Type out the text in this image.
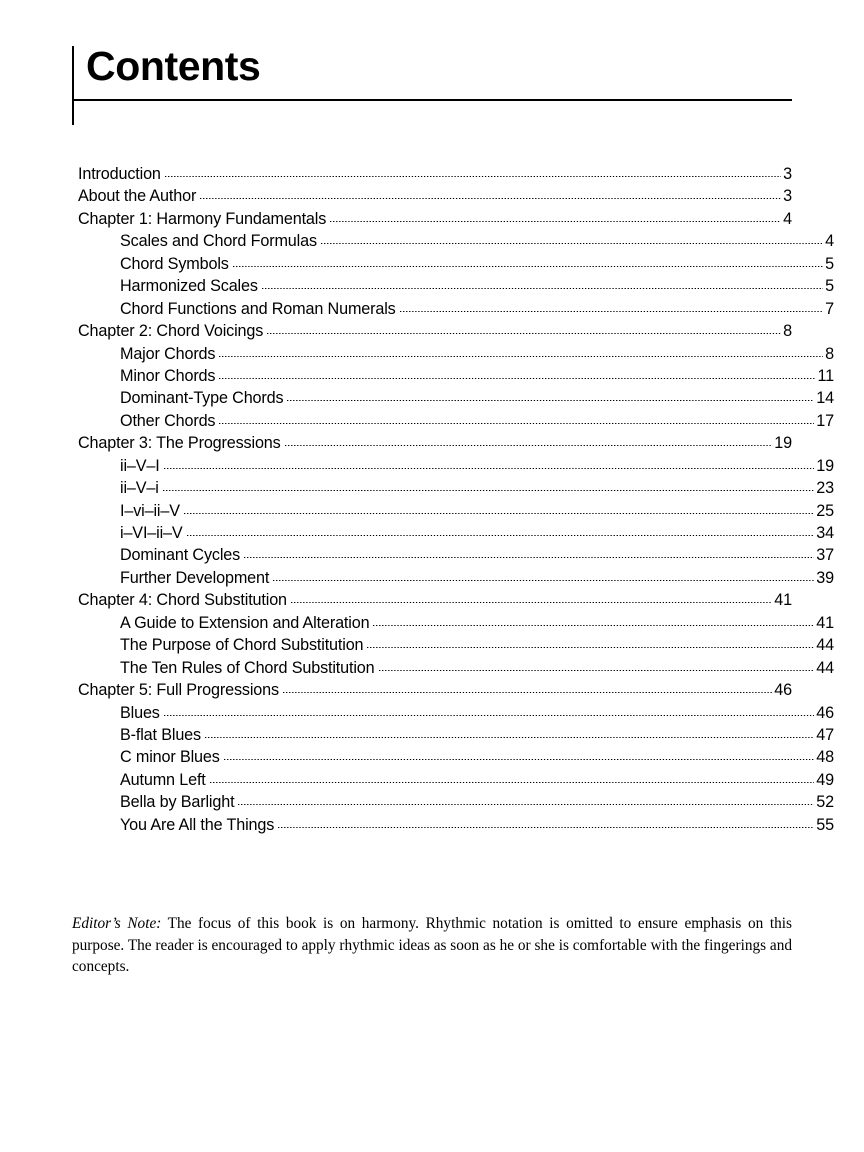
Contents
Introduction	3
About the Author	3
Chapter 1: Harmony Fundamentals	4
Scales and Chord Formulas	4
Chord Symbols	5
Harmonized Scales	5
Chord Functions and Roman Numerals	7
Chapter 2: Chord Voicings	8
Major Chords	8
Minor Chords	11
Dominant-Type Chords	14
Other Chords	17
Chapter 3: The Progressions	19
ii–V–I	19
ii–V–i	23
I–vi–ii–V	25
i–VI–ii–V	34
Dominant Cycles	37
Further Development	39
Chapter 4: Chord Substitution	41
A Guide to Extension and Alteration	41
The Purpose of Chord Substitution	44
The Ten Rules of Chord Substitution	44
Chapter 5: Full Progressions	46
Blues	46
B-flat Blues	47
C minor Blues	48
Autumn Left	49
Bella by Barlight	52
You Are All the Things	55

Editor’s Note: The focus of this book is on harmony. Rhythmic notation is omitted to ensure emphasis on this purpose. The reader is encouraged to apply rhythmic ideas as soon as he or she is comfortable with the fingerings and concepts.
